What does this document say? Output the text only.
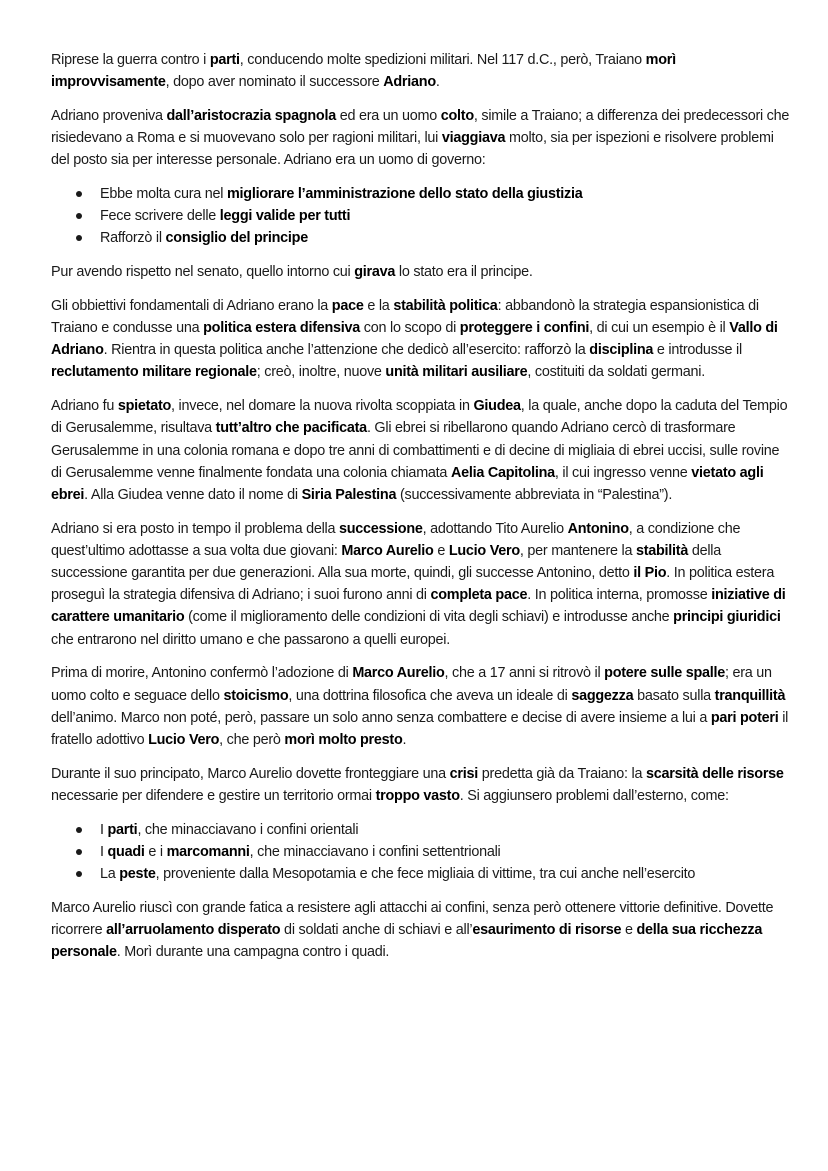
Riprese la guerra contro i parti, conducendo molte spedizioni militari. Nel 117 d.C., però, Traiano morì improvvisamente, dopo aver nominato il successore Adriano.

Adriano proveniva dall’aristocrazia spagnola ed era un uomo colto, simile a Traiano; a differenza dei predecessori che risiedevano a Roma e si muovevano solo per ragioni militari, lui viaggiava molto, sia per ispezioni e risolvere problemi del posto sia per interesse personale. Adriano era un uomo di governo:

Ebbe molta cura nel migliorare l’amministrazione dello stato della giustizia
Fece scrivere delle leggi valide per tutti
Rafforzò il consiglio del principe

Pur avendo rispetto nel senato, quello intorno cui girava lo stato era il principe.

Gli obbiettivi fondamentali di Adriano erano la pace e la stabilità politica: abbandonò la strategia espansionistica di Traiano e condusse una politica estera difensiva con lo scopo di proteggere i confini, di cui un esempio è il Vallo di Adriano. Rientra in questa politica anche l’attenzione che dedicò all’esercito: rafforzò la disciplina e introdusse il reclutamento militare regionale; creò, inoltre, nuove unità militari ausiliare, costituiti da soldati germani.

Adriano fu spietato, invece, nel domare la nuova rivolta scoppiata in Giudea, la quale, anche dopo la caduta del Tempio di Gerusalemme, risultava tutt’altro che pacificata. Gli ebrei si ribellarono quando Adriano cercò di trasformare Gerusalemme in una colonia romana e dopo tre anni di combattimenti e di decine di migliaia di ebrei uccisi, sulle rovine di Gerusalemme venne finalmente fondata una colonia chiamata Aelia Capitolina, il cui ingresso venne vietato agli ebrei. Alla Giudea venne dato il nome di Siria Palestina (successivamente abbreviata in “Palestina”).

Adriano si era posto in tempo il problema della successione, adottando Tito Aurelio Antonino, a condizione che quest’ultimo adottasse a sua volta due giovani: Marco Aurelio e Lucio Vero, per mantenere la stabilità della successione garantita per due generazioni. Alla sua morte, quindi, gli successe Antonino, detto il Pio. In politica estera proseguì la strategia difensiva di Adriano; i suoi furono anni di completa pace. In politica interna, promosse iniziative di carattere umanitario (come il miglioramento delle condizioni di vita degli schiavi) e introdusse anche principi giuridici che entrarono nel diritto umano e che passarono a quelli europei.

Prima di morire, Antonino confermò l’adozione di Marco Aurelio, che a 17 anni si ritrovò il potere sulle spalle; era un uomo colto e seguace dello stoicismo, una dottrina filosofica che aveva un ideale di saggezza basato sulla tranquillità dell’animo. Marco non poté, però, passare un solo anno senza combattere e decise di avere insieme a lui a pari poteri il fratello adottivo Lucio Vero, che però morì molto presto.

Durante il suo principato, Marco Aurelio dovette fronteggiare una crisi predetta già da Traiano: la scarsità delle risorse necessarie per difendere e gestire un territorio ormai troppo vasto. Si aggiunsero problemi dall’esterno, come:

I parti, che minacciavano i confini orientali
I quadi e i marcomanni, che minacciavano i confini settentrionali
La peste, proveniente dalla Mesopotamia e che fece migliaia di vittime, tra cui anche nell’esercito

Marco Aurelio riuscì con grande fatica a resistere agli attacchi ai confini, senza però ottenere vittorie definitive. Dovette ricorrere all’arruolamento disperato di soldati anche di schiavi e all’esaurimento di risorse e della sua ricchezza personale. Morì durante una campagna contro i quadi.
